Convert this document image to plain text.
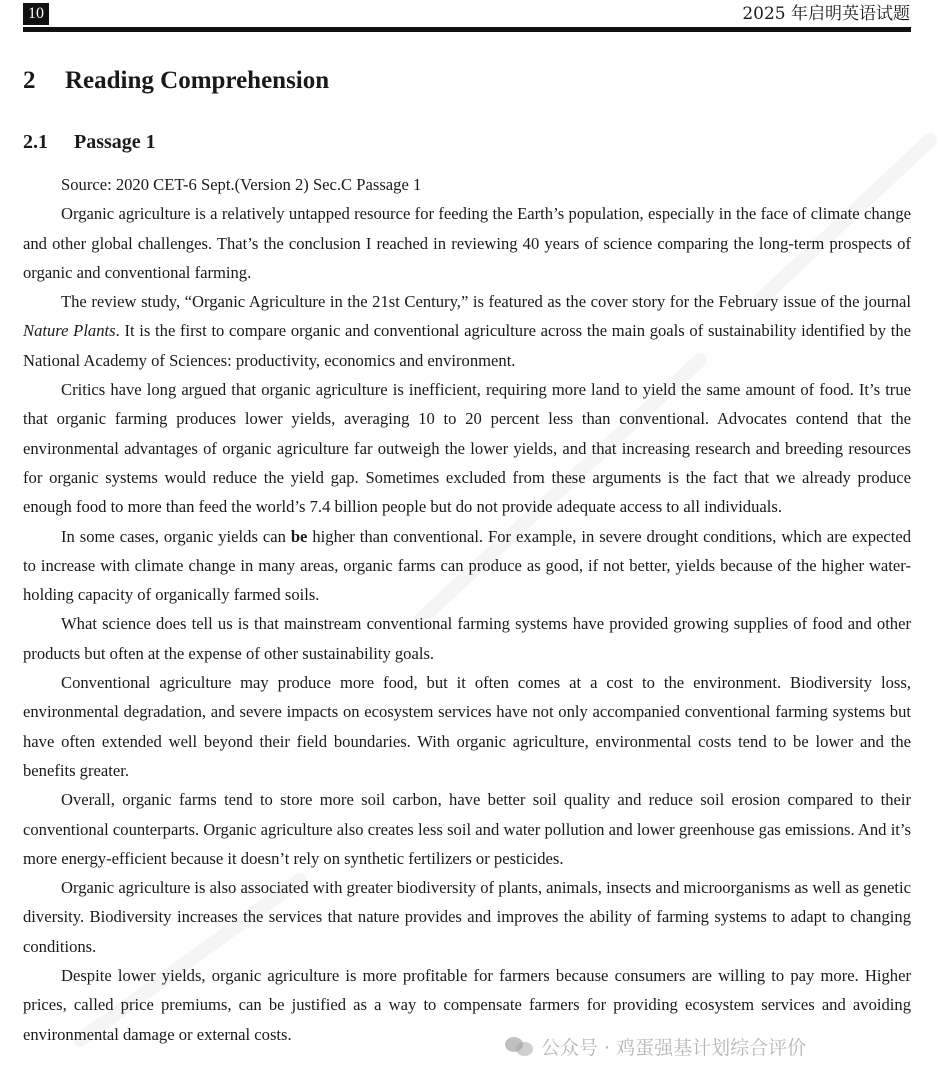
10	2025 年启明英语试题
2 Reading Comprehension
2.1 Passage 1

Source: 2020 CET-6 Sept.(Version 2) Sec.C Passage 1

Organic agriculture is a relatively untapped resource for feeding the Earth’s population, especially in the face of climate change and other global challenges. That’s the conclusion I reached in reviewing 40 years of science comparing the long-term prospects of organic and conventional farming.

The review study, “Organic Agriculture in the 21st Century,” is featured as the cover story for the February issue of the journal Nature Plants. It is the first to compare organic and conventional agriculture across the main goals of sustainability identified by the National Academy of Sciences: productivity, economics and environment.

Critics have long argued that organic agriculture is inefficient, requiring more land to yield the same amount of food. It’s true that organic farming produces lower yields, averaging 10 to 20 percent less than conventional. Advocates contend that the environmental advantages of organic agriculture far outweigh the lower yields, and that increasing research and breeding resources for organic systems would reduce the yield gap. Sometimes excluded from these arguments is the fact that we already produce enough food to more than feed the world’s 7.4 billion people but do not provide adequate access to all individuals.

In some cases, organic yields can be higher than conventional. For example, in severe drought conditions, which are expected to increase with climate change in many areas, organic farms can produce as good, if not better, yields because of the higher water-holding capacity of organically farmed soils.

What science does tell us is that mainstream conventional farming systems have provided growing supplies of food and other products but often at the expense of other sustainability goals.

Conventional agriculture may produce more food, but it often comes at a cost to the environment. Biodiversity loss, environmental degradation, and severe impacts on ecosystem services have not only accompanied conventional farming systems but have often extended well beyond their field boundaries. With organic agriculture, environmental costs tend to be lower and the benefits greater.

Overall, organic farms tend to store more soil carbon, have better soil quality and reduce soil erosion compared to their conventional counterparts. Organic agriculture also creates less soil and water pollution and lower greenhouse gas emissions. And it’s more energy-efficient because it doesn’t rely on synthetic fertilizers or pesticides.

Organic agriculture is also associated with greater biodiversity of plants, animals, insects and microorganisms as well as genetic diversity. Biodiversity increases the services that nature provides and improves the ability of farming systems to adapt to changing conditions.

Despite lower yields, organic agriculture is more profitable for farmers because consumers are willing to pay more. Higher prices, called price premiums, can be justified as a way to compensate farmers for providing ecosystem services and avoiding environmental damage or external costs.

公众号 · 鸡蛋强基计划综合评价
